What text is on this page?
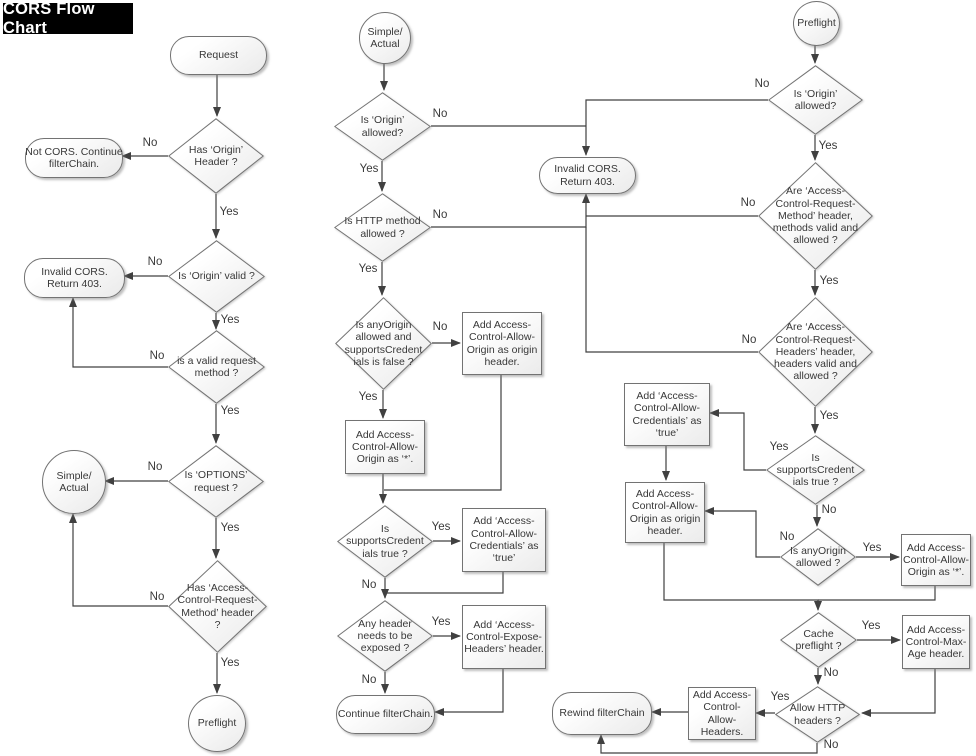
CORS Flow Chart
Request
Has ‘Origin’
Header ?
Not CORS. Continue
filterChain.
Is ‘Origin’ valid ?
Invalid CORS.
Return 403.
is a valid request
method ?
Simple/
Actual
Is ‘OPTIONS’
request ?
Has ‘Access-
Control-Request-
Method’ header
?
Preflight
Simple/
Actual
Is ‘Origin’
allowed?
Invalid CORS.
Return 403.
Is HTTP method
allowed ?
Is anyOrigin
allowed and
supportsCredent
ials is false ?
Add Access-
Control-Allow-
Origin as origin
header.
Add Access-
Control-Allow-
Origin as ‘*’.
Is
supportsCredent
ials true ?
Add ‘Access-
Control-Allow-
Credentials’ as
‘true’
Any header
needs to be
exposed ?
Add ‘Access-
Control-Expose-
Headers’ header.
Continue filterChain.
Preflight
Is ‘Origin’
allowed?
Are ‘Access-
Control-Request-
Method’ header,
methods valid and
allowed ?
Are ‘Access-
Control-Request-
Headers’ header,
headers valid and
allowed ?
Is
supportsCredent
ials true ?
Add ‘Access-
Control-Allow-
Credentials’ as
‘true’
Add Access-
Control-Allow-
Origin as origin
header.
Is anyOrigin
allowed ?
Add Access-
Control-Allow-
Origin as ‘*’.
Cache
preflight ?
Add Access-
Control-Max-
Age header.
Allow HTTP
headers ?
Add Access-
Control-
Allow-
Headers.
Rewind filterChain
No
Yes
No
Yes
No
Yes
No
Yes
No
Yes
No
No
Yes
No
No
No
Yes
No
Yes
Yes
No
Yes
No
Yes
Yes
Yes
Yes
No
No
Yes
Yes
No
Yes
No
